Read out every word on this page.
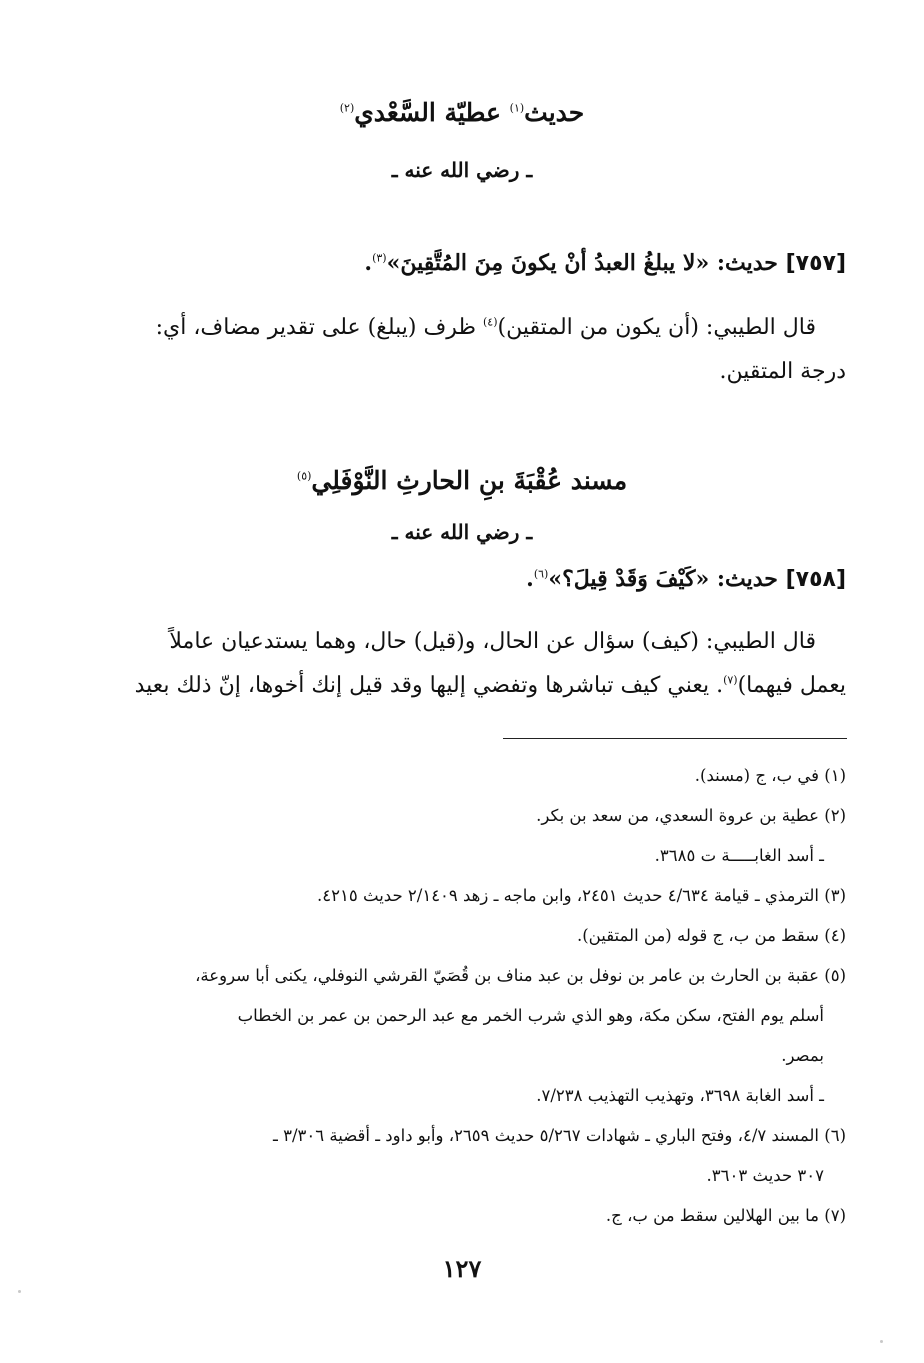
حديث$^{(١)}$ عطيّة السَّعْدي$^{(٢)}$
ـ رضي الله عنه ـ
[٧٥٧] حديث: «لا يبلغُ العبدُ أنْ يكونَ مِنَ المُتَّقِينَ»$^{(٣)}$.
قال الطيبي: (أن يكون من المتقين)$^{(٤)}$ ظرف (يبلغ) على تقدير مضاف، أي:
درجة المتقين.
مسند عُقْبَةَ بنِ الحارثِ النَّوْفَلِي$^{(٥)}$
ـ رضي الله عنه ـ
[٧٥٨] حديث: «كَيْفَ وَقَدْ قِيلَ؟»$^{(٦)}$.
قال الطيبي: (كيف) سؤال عن الحال، و(قيل) حال، وهما يستدعيان عاملاً
يعمل فيهما)$^{(٧)}$. يعني كيف تباشرها وتفضي إليها وقد قيل إنك أخوها، إنّ ذلك بعيد
(١) في ب، ج (مسند).
(٢) عطية بن عروة السعدي، من سعد بن بكر.
ـ أسد الغابـــــة ت ٣٦٨٥.
(٣) الترمذي ـ قيامة ٤/٦٣٤ حديث ٢٤٥١، وابن ماجه ـ زهد ٢/١٤٠٩ حديث ٤٢١٥.
(٤) سقط من ب، ج قوله (من المتقين).
(٥) عقبة بن الحارث بن عامر بن نوفل بن عبد مناف بن قُصَيّ القرشي النوفلي، يكنى أبا سروعة،
أسلم يوم الفتح، سكن مكة، وهو الذي شرب الخمر مع عبد الرحمن بن عمر بن الخطاب
بمصر.
ـ أسد الغابة ٣٦٩٨، وتهذيب التهذيب ٧/٢٣٨.
(٦) المسند ٤/٧، وفتح الباري ـ شهادات ٥/٢٦٧ حديث ٢٦٥٩، وأبو داود ـ أقضية ٣/٣٠٦ ـ
٣٠٧ حديث ٣٦٠٣.
(٧) ما بين الهلالين سقط من ب، ج.
١٢٧
